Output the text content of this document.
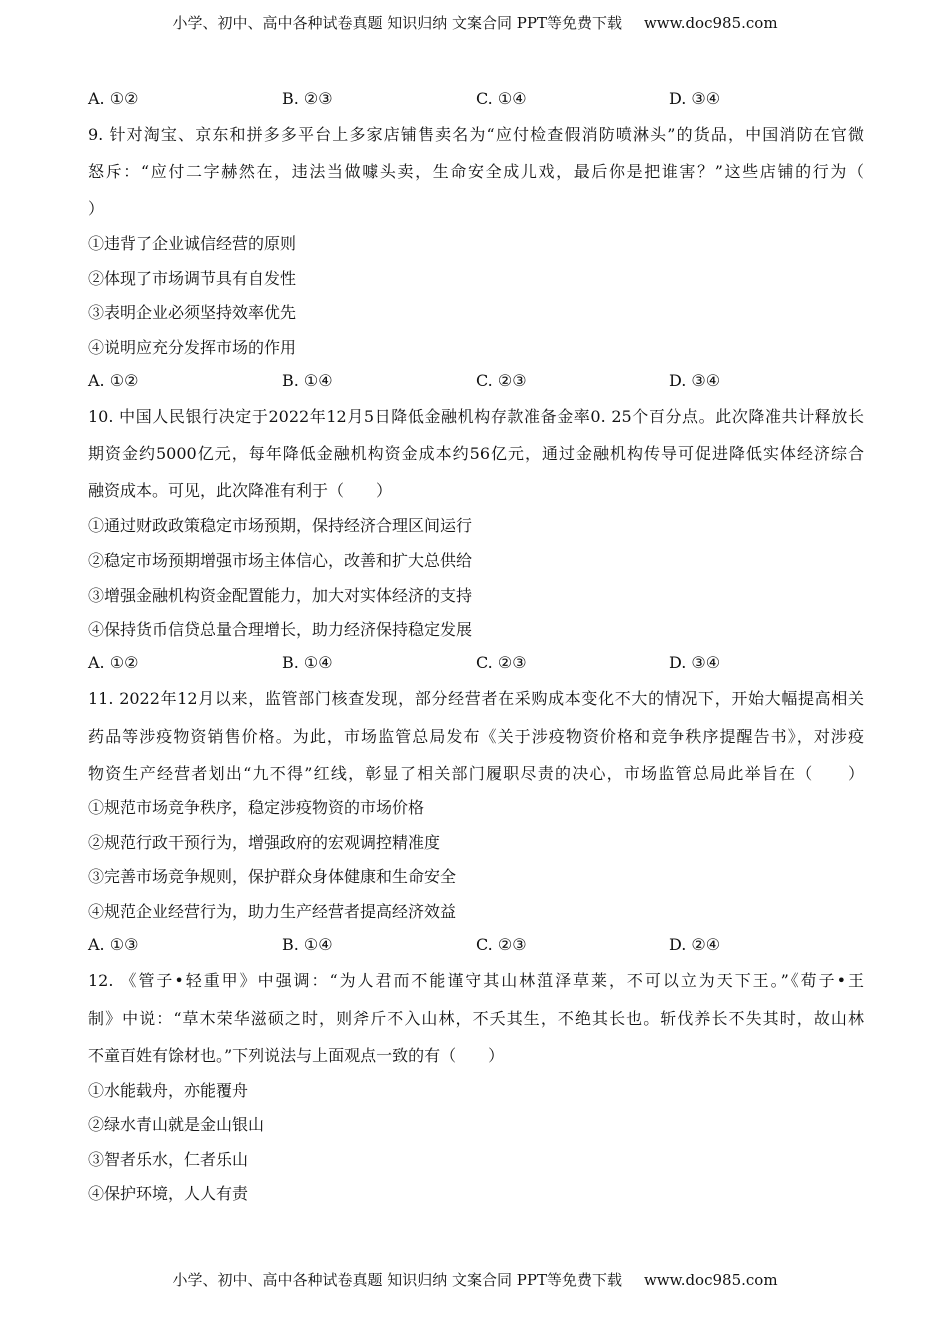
小学、初中、高中各种试卷真题 知识归纳 文案合同 PPT等免费下载 www.doc985.com
A. ①②	B. ②③	C. ①④	D. ③④
9. 针对淘宝、京东和拼多多平台上多家店铺售卖名为“应付检查假消防喷淋头”的货品，中国消防在官微
怒斥：“应付二字赫然在，违法当做噱头卖，生命安全成儿戏，最后你是把谁害？”这些店铺的行为（
）
①违背了企业诚信经营的原则
②体现了市场调节具有自发性
③表明企业必须坚持效率优先
④说明应充分发挥市场的作用
A. ①②	B. ①④	C. ②③	D. ③④
10. 中国人民银行决定于2022年12月5日降低金融机构存款准备金率0. 25个百分点。此次降准共计释放长
期资金约5000亿元，每年降低金融机构资金成本约56亿元，通过金融机构传导可促进降低实体经济综合
融资成本。可见，此次降准有利于（　　）
①通过财政政策稳定市场预期，保持经济合理区间运行
②稳定市场预期增强市场主体信心，改善和扩大总供给
③增强金融机构资金配置能力，加大对实体经济的支持
④保持货币信贷总量合理增长，助力经济保持稳定发展
A. ①②	B. ①④	C. ②③	D. ③④
11. 2022年12月以来，监管部门核查发现，部分经营者在采购成本变化不大的情况下，开始大幅提高相关
药品等涉疫物资销售价格。为此，市场监管总局发布《关于涉疫物资价格和竞争秩序提醒告书》，对涉疫
物资生产经营者划出“九不得”红线，彰显了相关部门履职尽责的决心，市场监管总局此举旨在（　　）
①规范市场竞争秩序，稳定涉疫物资的市场价格
②规范行政干预行为，增强政府的宏观调控精准度
③完善市场竞争规则，保护群众身体健康和生命安全
④规范企业经营行为，助力生产经营者提高经济效益
A. ①③	B. ①④	C. ②③	D. ②④
12. 《管子•轻重甲》中强调：“为人君而不能谨守其山林菹泽草莱，不可以立为天下王。”《荀子•王
制》中说：“草木荣华滋硕之时，则斧斤不入山林，不夭其生，不绝其长也。斩伐养长不失其时，故山林
不童百姓有馀材也。”下列说法与上面观点一致的有（　　）
①水能载舟，亦能覆舟
②绿水青山就是金山银山
③智者乐水，仁者乐山
④保护环境，人人有责
小学、初中、高中各种试卷真题 知识归纳 文案合同 PPT等免费下载 www.doc985.com
